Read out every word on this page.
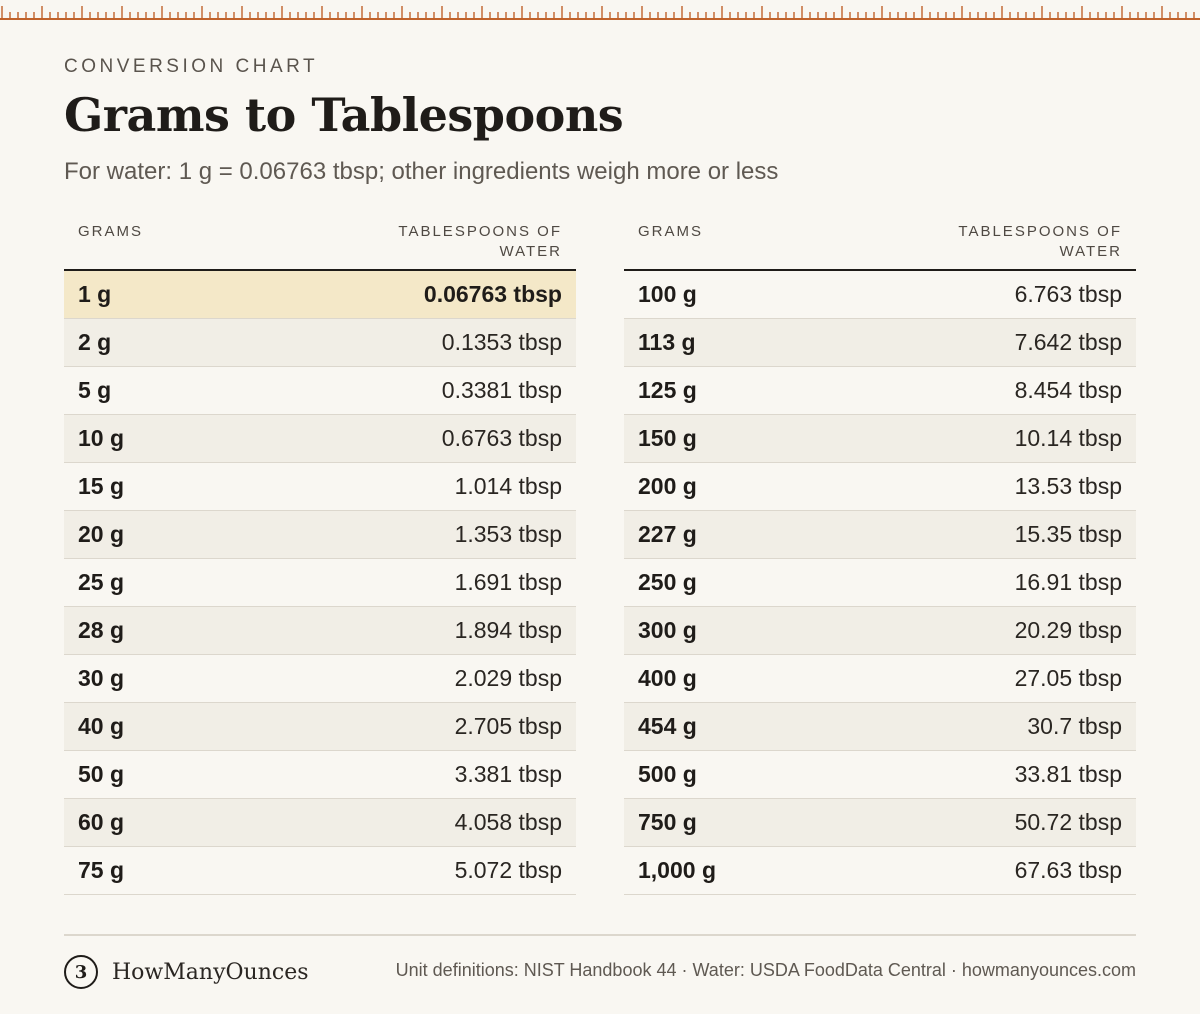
CONVERSION CHART
Grams to Tablespoons
For water: 1 g = 0.06763 tbsp; other ingredients weigh more or less
GRAMS	TABLESPOONS OF WATER
1 g	0.06763 tbsp
2 g	0.1353 tbsp
5 g	0.3381 tbsp
10 g	0.6763 tbsp
15 g	1.014 tbsp
20 g	1.353 tbsp
25 g	1.691 tbsp
28 g	1.894 tbsp
30 g	2.029 tbsp
40 g	2.705 tbsp
50 g	3.381 tbsp
60 g	4.058 tbsp
75 g	5.072 tbsp
GRAMS	TABLESPOONS OF WATER
100 g	6.763 tbsp
113 g	7.642 tbsp
125 g	8.454 tbsp
150 g	10.14 tbsp
200 g	13.53 tbsp
227 g	15.35 tbsp
250 g	16.91 tbsp
300 g	20.29 tbsp
400 g	27.05 tbsp
454 g	30.7 tbsp
500 g	33.81 tbsp
750 g	50.72 tbsp
1,000 g	67.63 tbsp
3	HowManyOunces	Unit definitions: NIST Handbook 44 · Water: USDA FoodData Central · howmanyounces.com
